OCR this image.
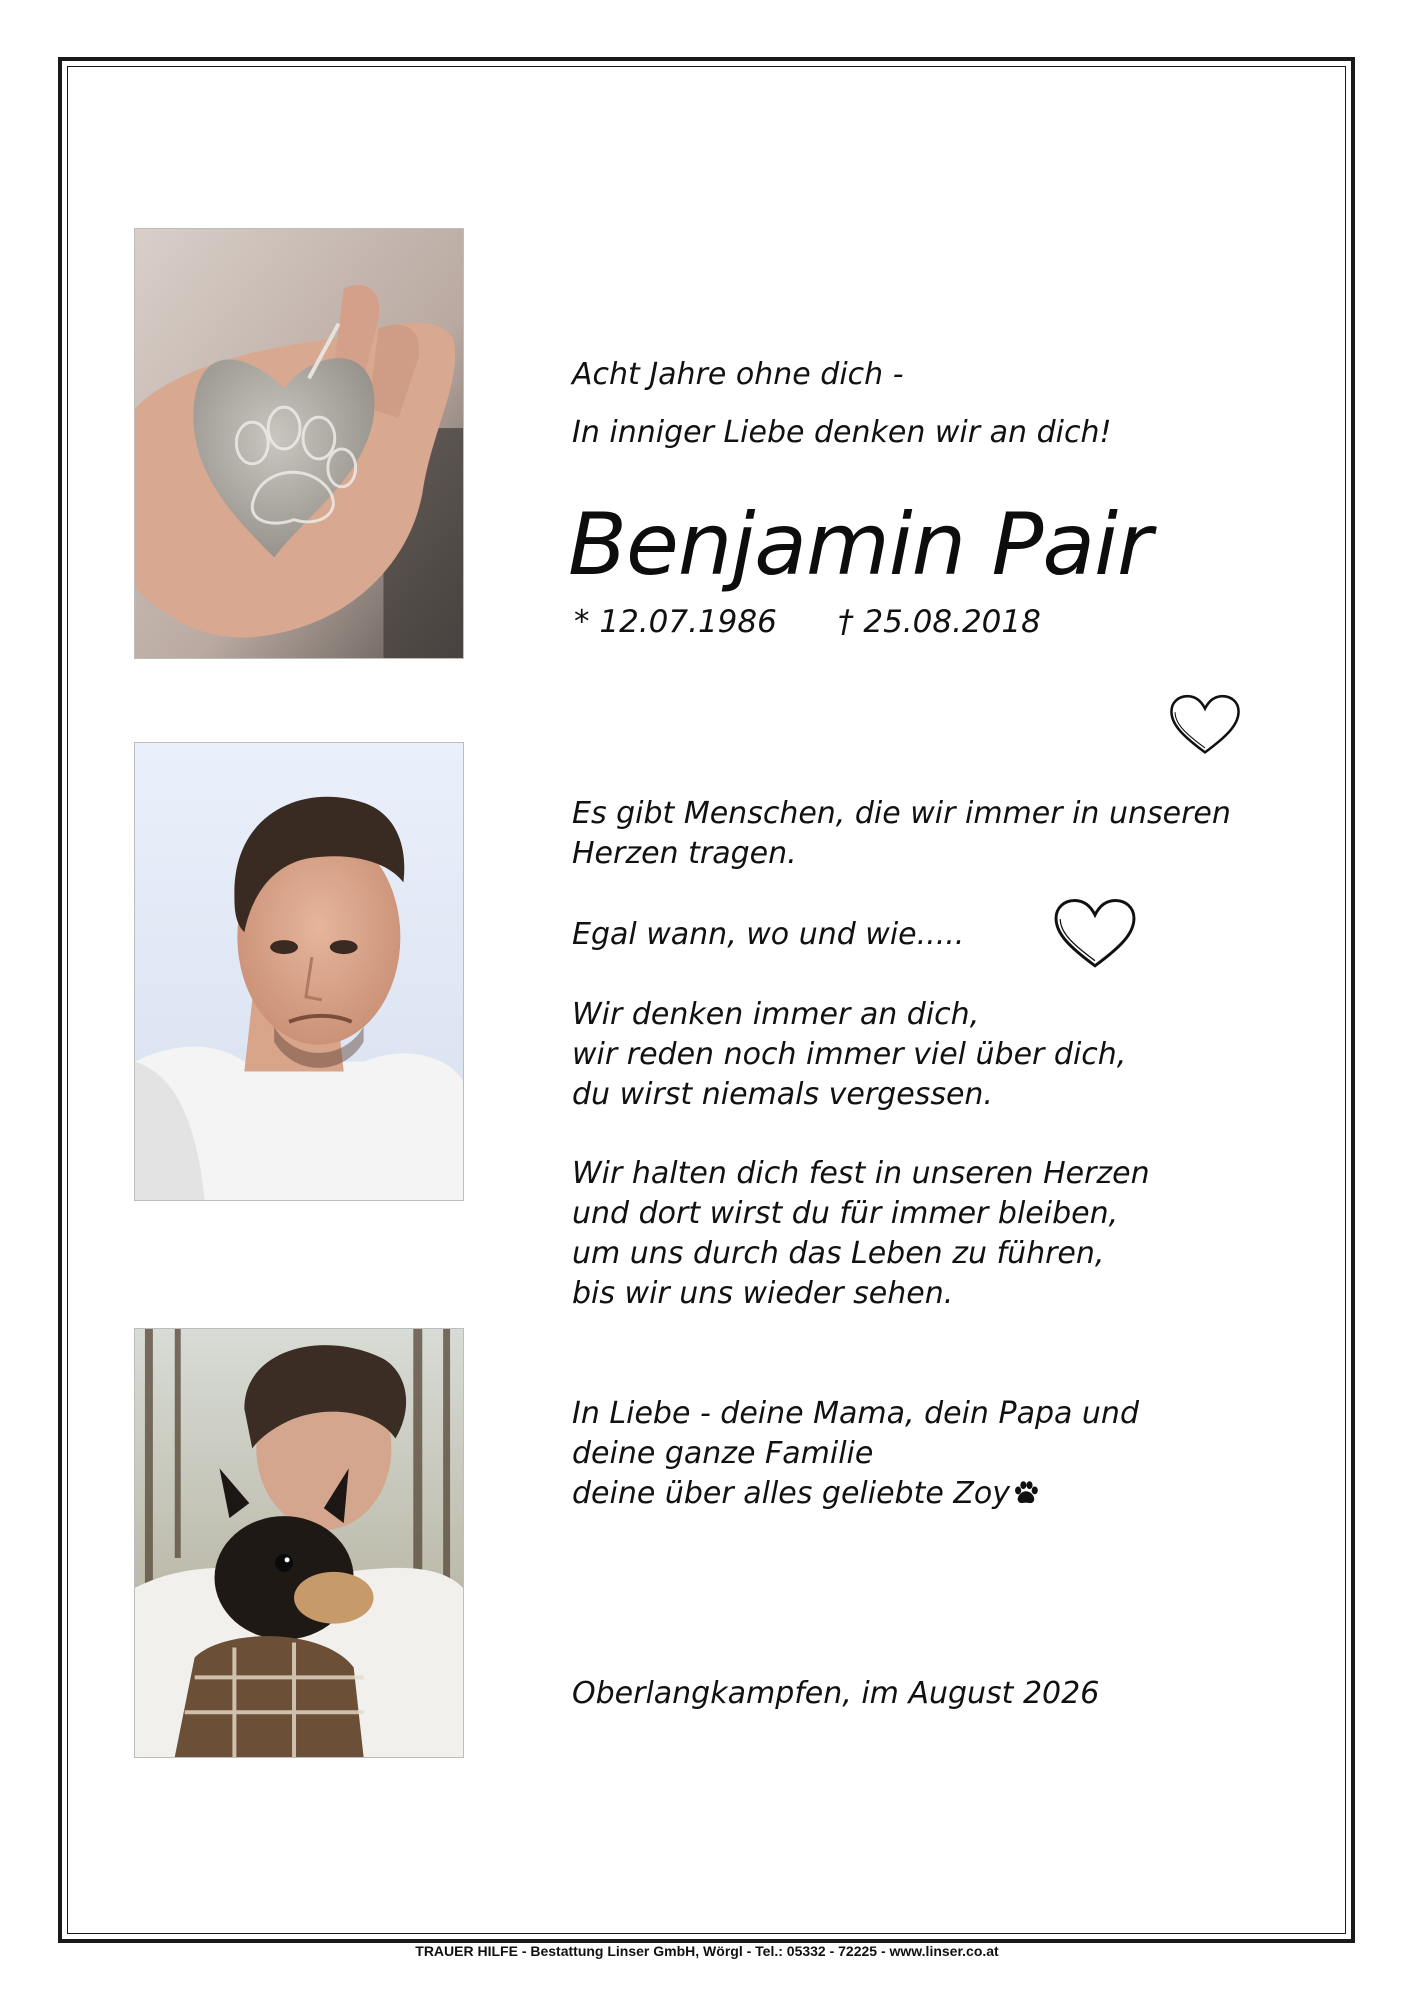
Acht Jahre ohne dich -
In inniger Liebe denken wir an dich!
Benjamin Pair
* 12.07.1986 † 25.08.2018
Es gibt Menschen, die wir immer in unseren
Herzen tragen.
Egal wann, wo und wie.....
Wir denken immer an dich,
wir reden noch immer viel über dich,
du wirst niemals vergessen.
Wir halten dich fest in unseren Herzen
und dort wirst du für immer bleiben,
um uns durch das Leben zu führen,
bis wir uns wieder sehen.
In Liebe - deine Mama, dein Papa und
deine ganze Familie
deine über alles geliebte Zoy
Oberlangkampfen, im August 2026
TRAUER HILFE - Bestattung Linser GmbH, Wörgl - Tel.: 05332 - 72225 - www.linser.co.at
